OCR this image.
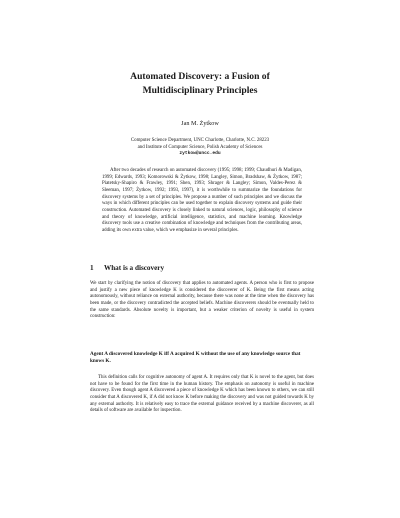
Automated Discovery: a Fusion of
Multidisciplinary Principles
Jan M. Żytkow
Computer Science Department, UNC Charlotte, Charlotte, N.C. 28223
and Institute of Computer Science, Polish Academy of Sciences
zytkow@uncc.edu
After two decades of research on automated discovery (1995; 1998; 1999; Chaudhuri & Madigan, 1999; Edwards, 1993; Komorowski & Żytkow, 1998; Langley, Simon, Bradshaw, & Żytkow, 1987; Piatetsky-Shapiro & Frawley, 1991; Shen, 1993; Shrager & Langley; Simon, Valdes-Perez & Sleeman, 1997; Żytkow, 1992; 1993, 1997), it is worthwhile to summarize the foundations for discovery systems by a set of principles. We propose a number of such principles and we discuss the ways in which different principles can be used together to explain discovery systems and guide their construction. Automated discovery is closely linked to natural sciences, logic, philosophy of science and theory of knowledge, artificial intelligence, statistics, and machine learning. Knowledge discovery tools use a creative combination of knowledge and techniques from the contributing areas, adding its own extra value, which we emphasize in several principles.
1 What is a discovery
We start by clarifying the notion of discovery that applies to automated agents. A person who is first to propose and justify a new piece of knowledge K is considered the discoverer of K. Being the first means acting autonomously, without reliance on external authority, because there was none at the time when the discovery has been made, or the discovery contradicted the accepted beliefs. Machine discoverers should be eventually held to the same standards. Absolute novelty is important, but a weaker criterion of novelty is useful in system construction:
Agent A discovered knowledge K iff A acquired K without the use of any knowledge source that knows K.
This definition calls for cognitive autonomy of agent A. It requires only that K is novel to the agent, but does not have to be found for the first time in the human history. The emphasis on autonomy is useful in machine discovery. Even though agent A discovered a piece of knowledge K which has been known to others, we can still consider that A discovered K, if A did not know K before making the discovery and was not guided towards K by any external authority. It is relatively easy to trace the external guidance received by a machine discoverer, as all details of software are available for inspection.
